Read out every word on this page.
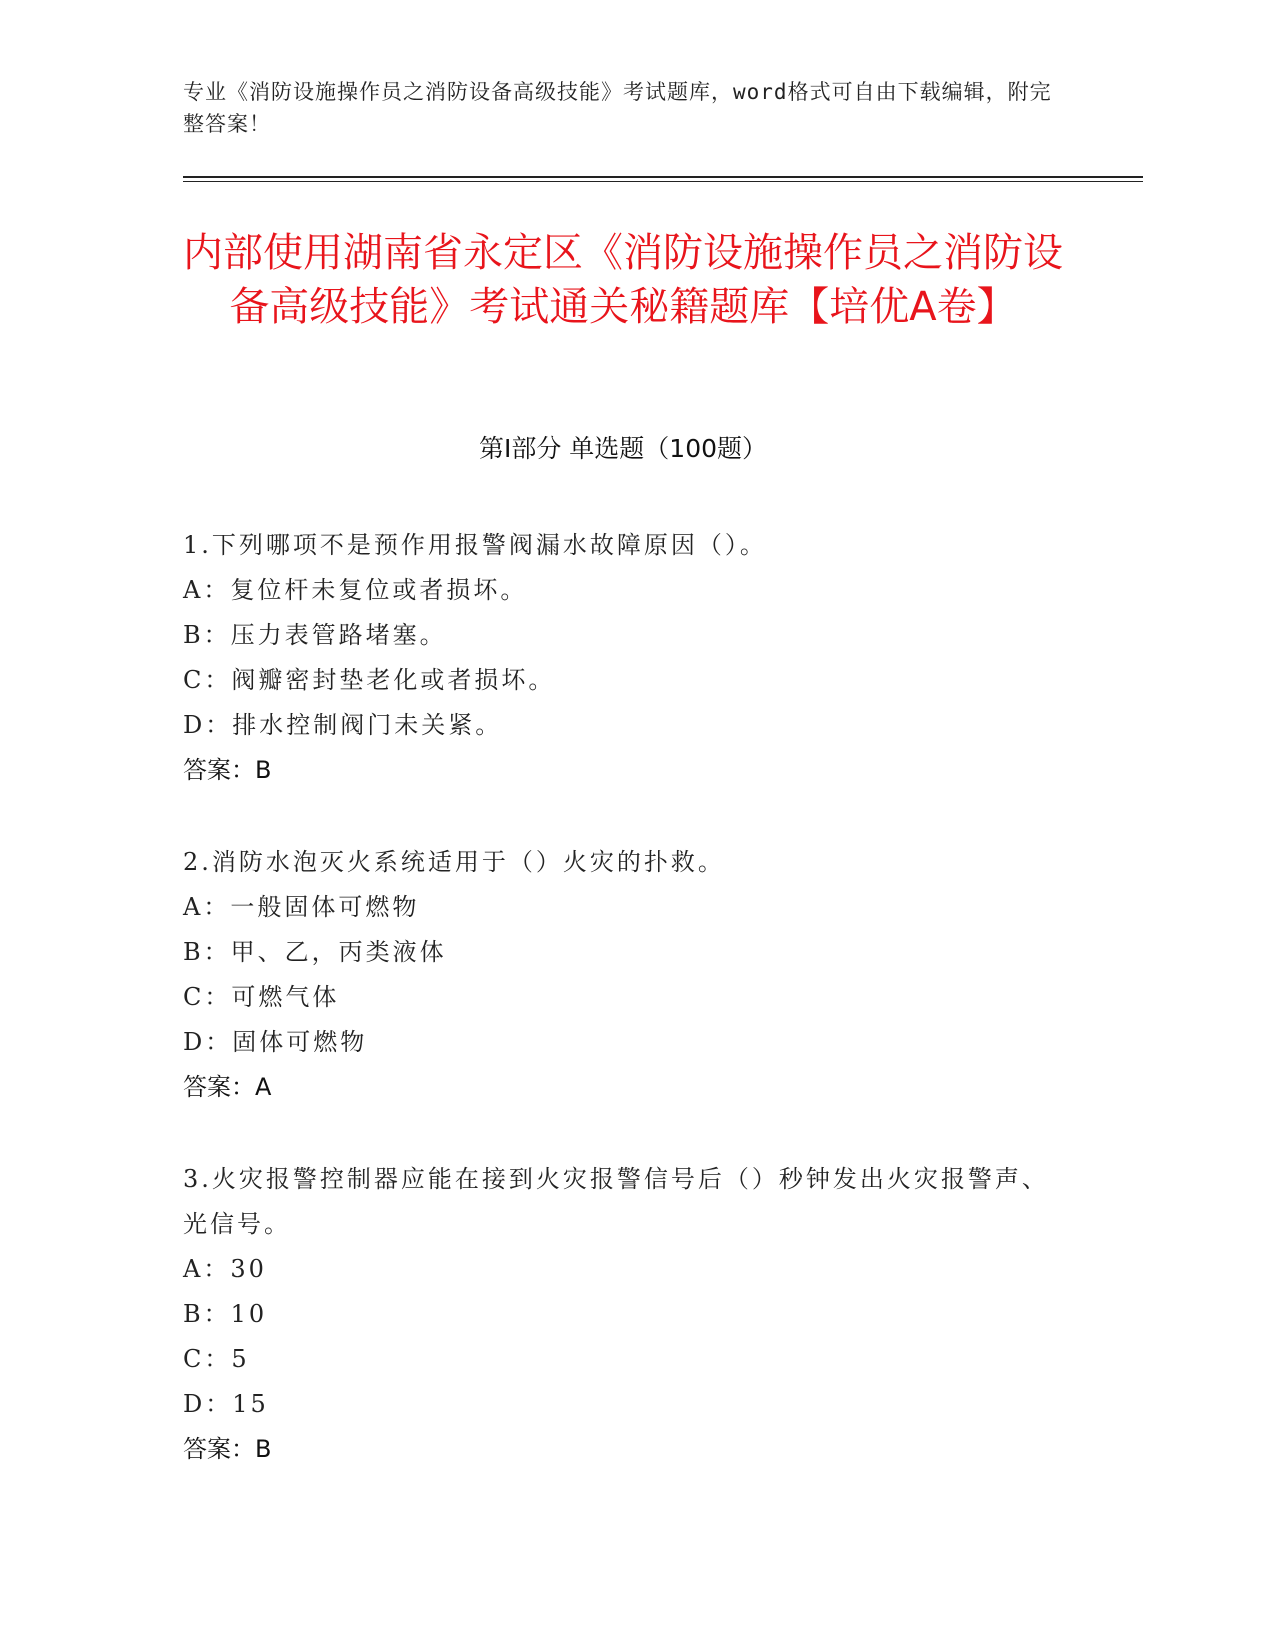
专业《消防设施操作员之消防设备高级技能》考试题库，word格式可自由下载编辑，附完整答案！
内部使用湖南省永定区《消防设施操作员之消防设备高级技能》考试通关秘籍题库【培优A卷】
第Ⅰ部分 单选题（100题）
1.下列哪项不是预作用报警阀漏水故障原因（）。
A：复位杆未复位或者损坏。
B：压力表管路堵塞。
C：阀瓣密封垫老化或者损坏。
D：排水控制阀门未关紧。
答案：B
2.消防水泡灭火系统适用于（）火灾的扑救。
A：一般固体可燃物
B：甲、乙，丙类液体
C：可燃气体
D：固体可燃物
答案：A
3.火灾报警控制器应能在接到火灾报警信号后（）秒钟发出火灾报警声、光信号。
A：30
B：10
C：5
D：15
答案：B
